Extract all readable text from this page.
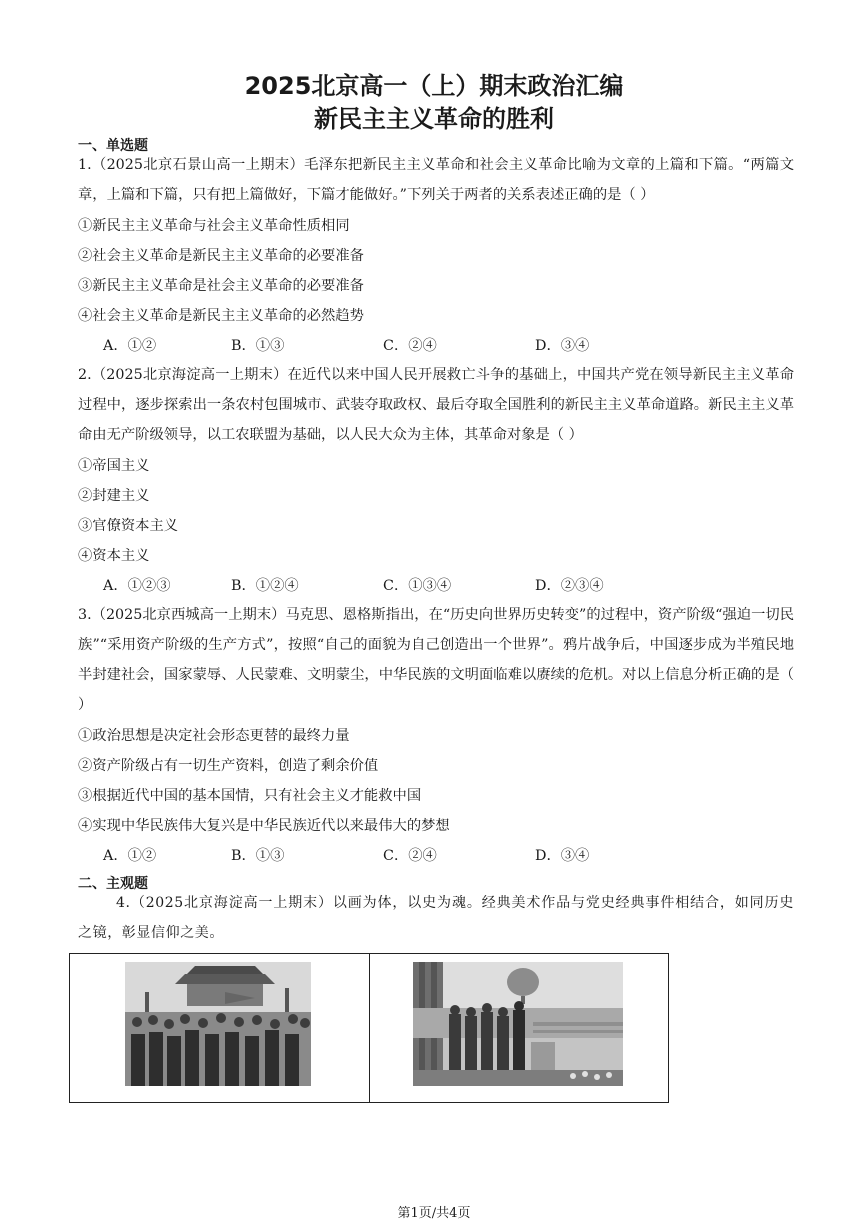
2025北京高一（上）期末政治汇编
新民主主义革命的胜利
一、单选题
1.（2025北京石景山高一上期末）毛泽东把新民主主义革命和社会主义革命比喻为文章的上篇和下篇。“两篇文章，上篇和下篇，只有把上篇做好，下篇才能做好。”下列关于两者的关系表述正确的是（ ）
①新民主主义革命与社会主义革命性质相同
②社会主义革命是新民主主义革命的必要准备
③新民主主义革命是社会主义革命的必要准备
④社会主义革命是新民主主义革命的必然趋势
A．①②	B．①③	C．②④	D．③④
2.（2025北京海淀高一上期末）在近代以来中国人民开展救亡斗争的基础上，中国共产党在领导新民主主义革命过程中，逐步探索出一条农村包围城市、武装夺取政权、最后夺取全国胜利的新民主主义革命道路。新民主主义革命由无产阶级领导，以工农联盟为基础，以人民大众为主体，其革命对象是（ ）
①帝国主义
②封建主义
③官僚资本主义
④资本主义
A．①②③	B．①②④	C．①③④	D．②③④
3.（2025北京西城高一上期末）马克思、恩格斯指出，在“历史向世界历史转变”的过程中，资产阶级“强迫一切民族”“采用资产阶级的生产方式”，按照“自己的面貌为自己创造出一个世界”。鸦片战争后，中国逐步成为半殖民地半封建社会，国家蒙辱、人民蒙难、文明蒙尘，中华民族的文明面临难以赓续的危机。对以上信息分析正确的是（ ）
①政治思想是决定社会形态更替的最终力量
②资产阶级占有一切生产资料，创造了剩余价值
③根据近代中国的基本国情，只有社会主义才能救中国
④实现中华民族伟大复兴是中华民族近代以来最伟大的梦想
A．①②	B．①③	C．②④	D．③④
二、主观题
4.（2025北京海淀高一上期末）以画为体，以史为魂。经典美术作品与党史经典事件相结合，如同历史之镜，彰显信仰之美。
第1页/共4页
